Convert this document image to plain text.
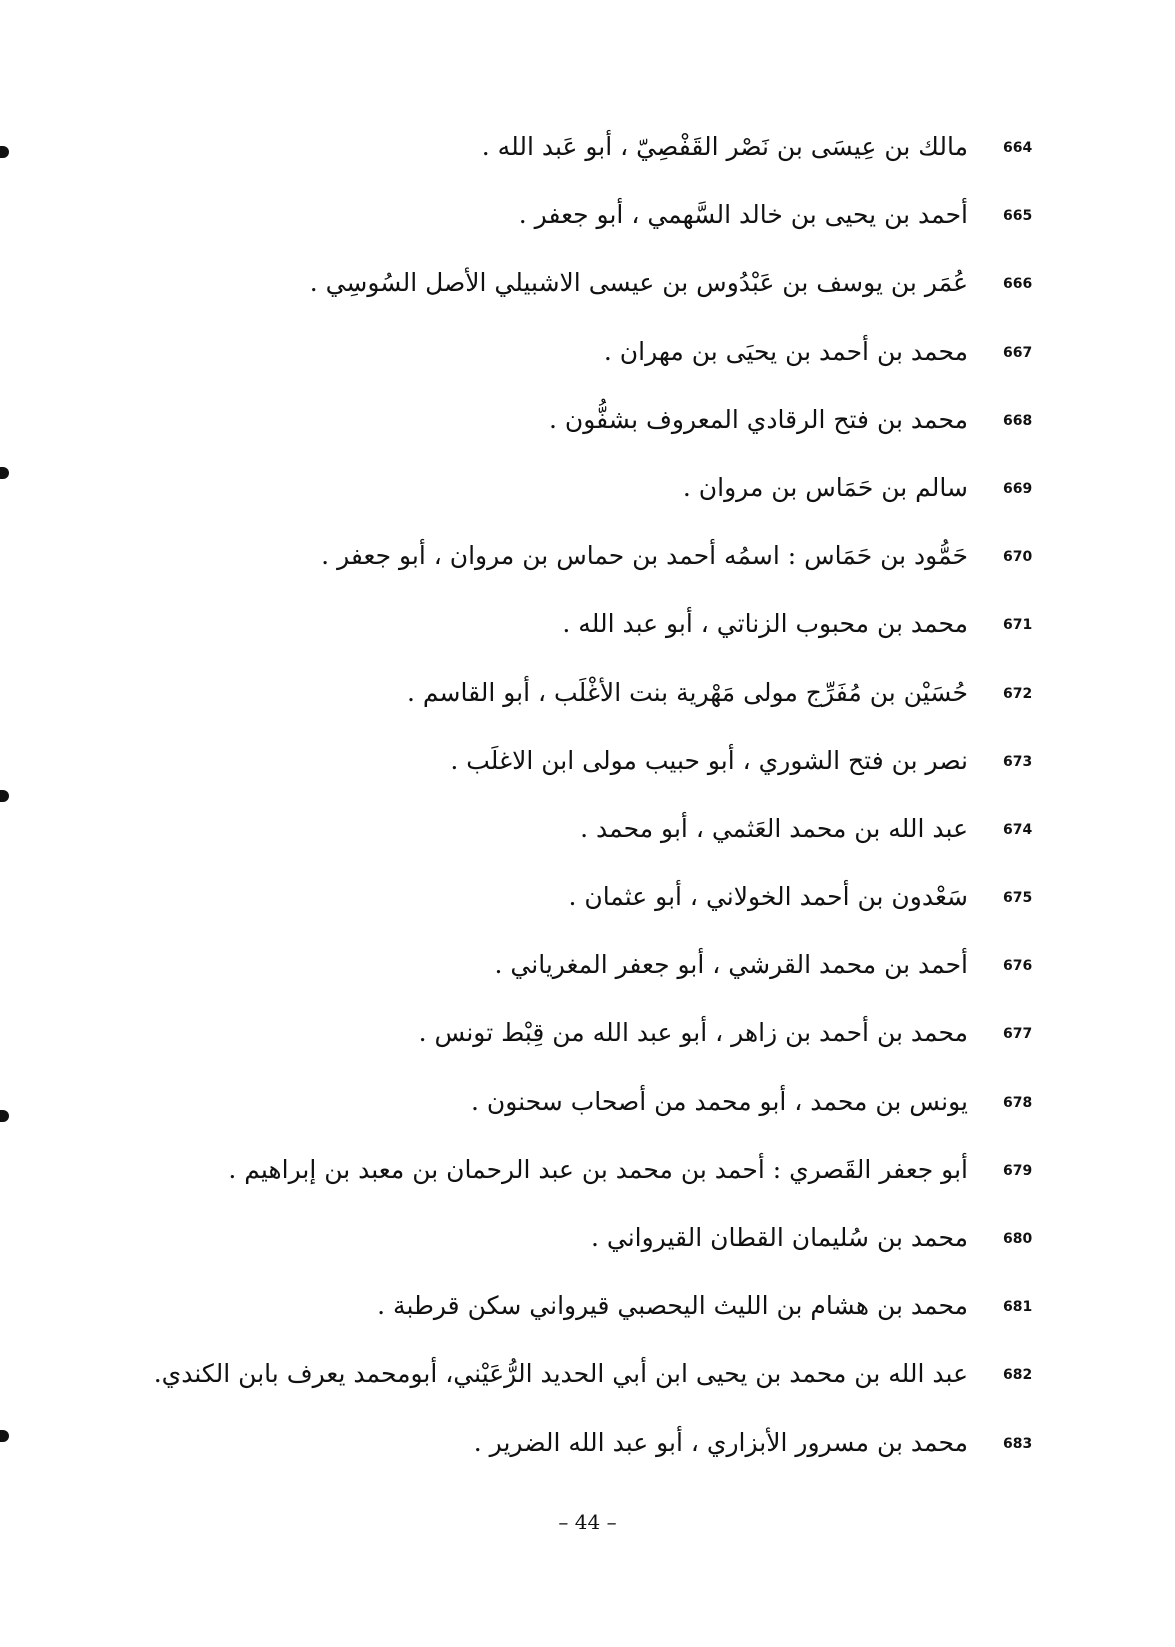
664
مالك بن عِيسَى بن نَصْر القَفْصِيّ ، أبو عَبد الله .
665
أحمد بن يحيى بن خالد السَّهمي ، أبو جعفر .
666
عُمَر بن يوسف بن عَبْدُوس بن عيسى الاشبيلي الأصل السُوسِي .
667
محمد بن أحمد بن يحيَى بن مهران .
668
محمد بن فتح الرقادي المعروف بشفُّون .
669
سالم بن حَمَاس بن مروان .
670
حَمُّود بن حَمَاس : اسمُه أحمد بن حماس بن مروان ، أبو جعفر .
671
محمد بن محبوب الزناتي ، أبو عبد الله .
672
حُسَيْن بن مُفَرِّج مولى مَهْرية بنت الأغْلَب ، أبو القاسم .
673
نصر بن فتح الشوري ، أبو حبيب مولى ابن الاغلَب .
674
عبد الله بن محمد العَثمي ، أبو محمد .
675
سَعْدون بن أحمد الخولاني ، أبو عثمان .
676
أحمد بن محمد القرشي ، أبو جعفر المغرياني .
677
محمد بن أحمد بن زاهر ، أبو عبد الله من قِبْط تونس .
678
يونس بن محمد ، أبو محمد من أصحاب سحنون .
679
أبو جعفر القَصري : أحمد بن محمد بن عبد الرحمان بن معبد بن إبراهيم .
680
محمد بن سُليمان القطان القيرواني .
681
محمد بن هشام بن الليث اليحصبي قيرواني سكن قرطبة .
682
عبد الله بن محمد بن يحيى ابن أبي الحديد الرُّعَيْني، أبومحمد يعرف بابن الكندي.
683
محمد بن مسرور الأبزاري ، أبو عبد الله الضرير .
– 44 –
